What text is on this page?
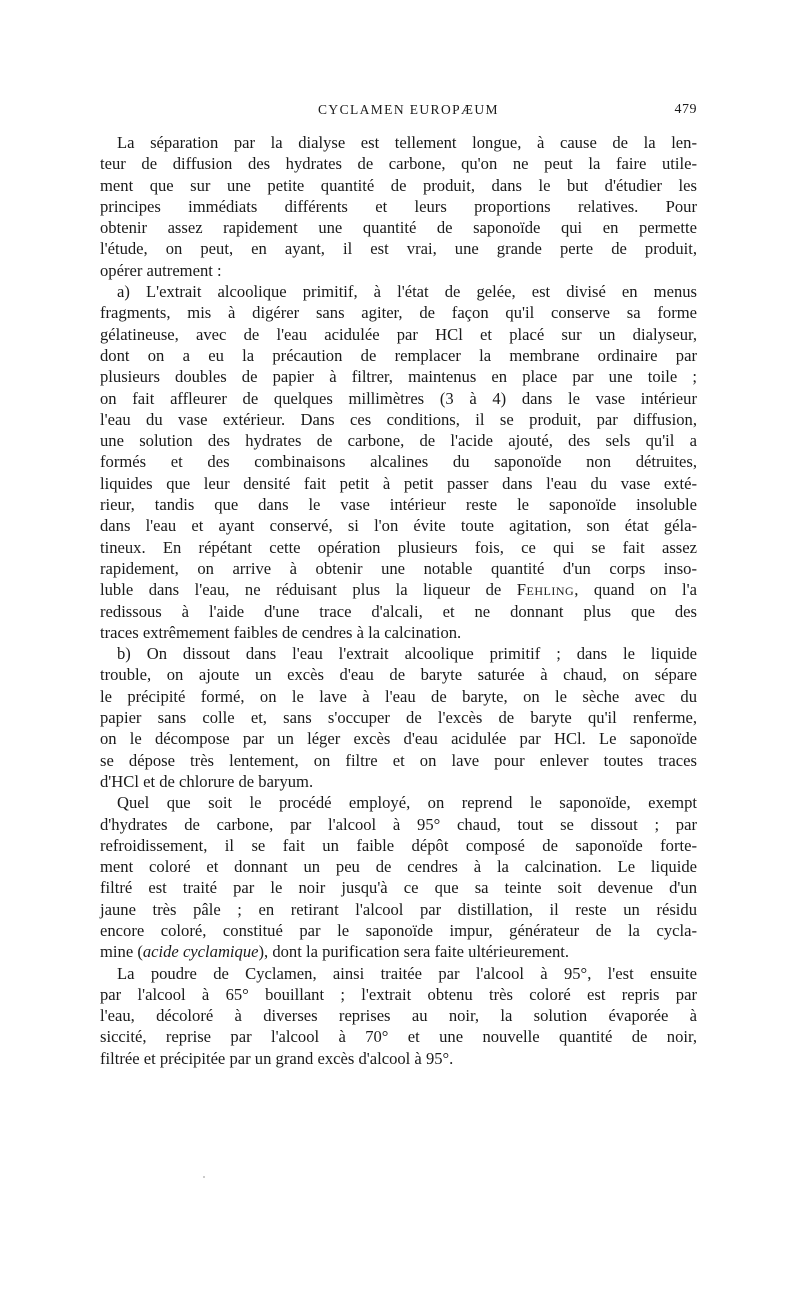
CYCLAMEN EUROPÆUM	479
La séparation par la dialyse est tellement longue, à cause de la len-
teur de diffusion des hydrates de carbone, qu'on ne peut la faire utile-
ment que sur une petite quantité de produit, dans le but d'étudier les
principes immédiats différents et leurs proportions relatives. Pour
obtenir assez rapidement une quantité de saponoïde qui en permette
l'étude, on peut, en ayant, il est vrai, une grande perte de produit,
opérer autrement :
a) L'extrait alcoolique primitif, à l'état de gelée, est divisé en menus
fragments, mis à digérer sans agiter, de façon qu'il conserve sa forme
gélatineuse, avec de l'eau acidulée par HCl et placé sur un dialyseur,
dont on a eu la précaution de remplacer la membrane ordinaire par
plusieurs doubles de papier à filtrer, maintenus en place par une toile ;
on fait affleurer de quelques millimètres (3 à 4) dans le vase intérieur
l'eau du vase extérieur. Dans ces conditions, il se produit, par diffusion,
une solution des hydrates de carbone, de l'acide ajouté, des sels qu'il a
formés et des combinaisons alcalines du saponoïde non détruites,
liquides que leur densité fait petit à petit passer dans l'eau du vase exté-
rieur, tandis que dans le vase intérieur reste le saponoïde insoluble
dans l'eau et ayant conservé, si l'on évite toute agitation, son état géla-
tineux. En répétant cette opération plusieurs fois, ce qui se fait assez
rapidement, on arrive à obtenir une notable quantité d'un corps inso-
luble dans l'eau, ne réduisant plus la liqueur de Fehling, quand on l'a
redissous à l'aide d'une trace d'alcali, et ne donnant plus que des
traces extrêmement faibles de cendres à la calcination.
b) On dissout dans l'eau l'extrait alcoolique primitif ; dans le liquide
trouble, on ajoute un excès d'eau de baryte saturée à chaud, on sépare
le précipité formé, on le lave à l'eau de baryte, on le sèche avec du
papier sans colle et, sans s'occuper de l'excès de baryte qu'il renferme,
on le décompose par un léger excès d'eau acidulée par HCl. Le saponoïde
se dépose très lentement, on filtre et on lave pour enlever toutes traces
d'HCl et de chlorure de baryum.
Quel que soit le procédé employé, on reprend le saponoïde, exempt
d'hydrates de carbone, par l'alcool à 95° chaud, tout se dissout ; par
refroidissement, il se fait un faible dépôt composé de saponoïde forte-
ment coloré et donnant un peu de cendres à la calcination. Le liquide
filtré est traité par le noir jusqu'à ce que sa teinte soit devenue d'un
jaune très pâle ; en retirant l'alcool par distillation, il reste un résidu
encore coloré, constitué par le saponoïde impur, générateur de la cycla-
mine (acide cyclamique), dont la purification sera faite ultérieurement.
La poudre de Cyclamen, ainsi traitée par l'alcool à 95°, l'est ensuite
par l'alcool à 65° bouillant ; l'extrait obtenu très coloré est repris par
l'eau, décoloré à diverses reprises au noir, la solution évaporée à
siccité, reprise par l'alcool à 70° et une nouvelle quantité de noir,
filtrée et précipitée par un grand excès d'alcool à 95°.
